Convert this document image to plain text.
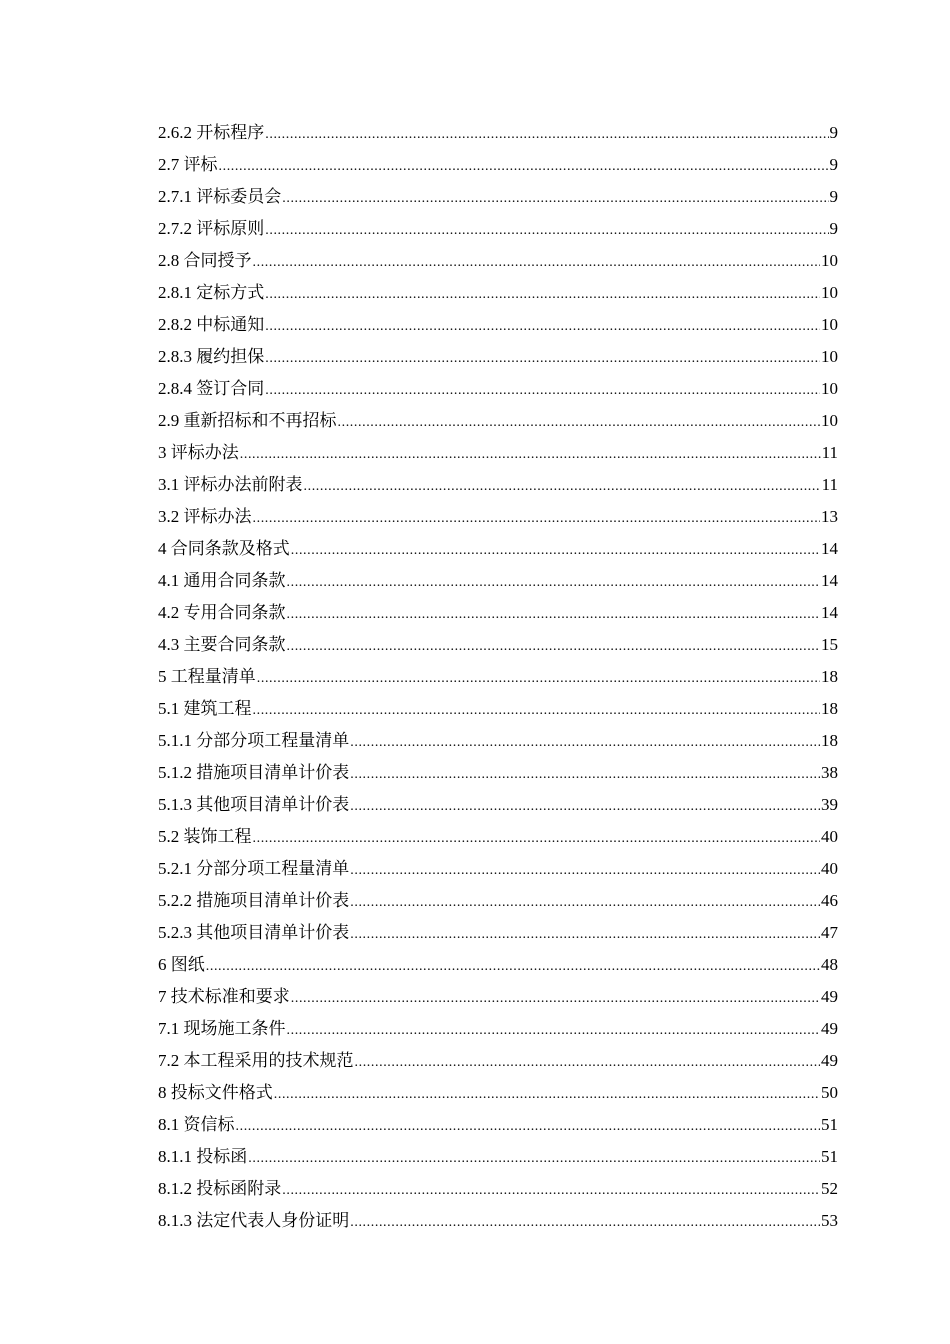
2.6.2 开标程序 .....	9
2.7 评标 .....	9
2.7.1 评标委员会 .....	9
2.7.2 评标原则 .....	9
2.8 合同授予 .....	10
2.8.1 定标方式 .....	10
2.8.2 中标通知 .....	10
2.8.3 履约担保 .....	10
2.8.4 签订合同 .....	10
2.9 重新招标和不再招标 .....	10
3 评标办法 .....	11
3.1 评标办法前附表 .....	11
3.2 评标办法 .....	13
4 合同条款及格式 .....	14
4.1 通用合同条款 .....	14
4.2 专用合同条款 .....	14
4.3 主要合同条款 .....	15
5 工程量清单 .....	18
5.1 建筑工程 .....	18
5.1.1 分部分项工程量清单 .....	18
5.1.2 措施项目清单计价表 .....	38
5.1.3 其他项目清单计价表 .....	39
5.2 装饰工程 .....	40
5.2.1 分部分项工程量清单 .....	40
5.2.2 措施项目清单计价表 .....	46
5.2.3 其他项目清单计价表 .....	47
6 图纸 .....	48
7 技术标准和要求 .....	49
7.1 现场施工条件 .....	49
7.2 本工程采用的技术规范 .....	49
8 投标文件格式 .....	50
8.1 资信标 .....	51
8.1.1 投标函 .....	51
8.1.2 投标函附录 .....	52
8.1.3 法定代表人身份证明 .....	53
